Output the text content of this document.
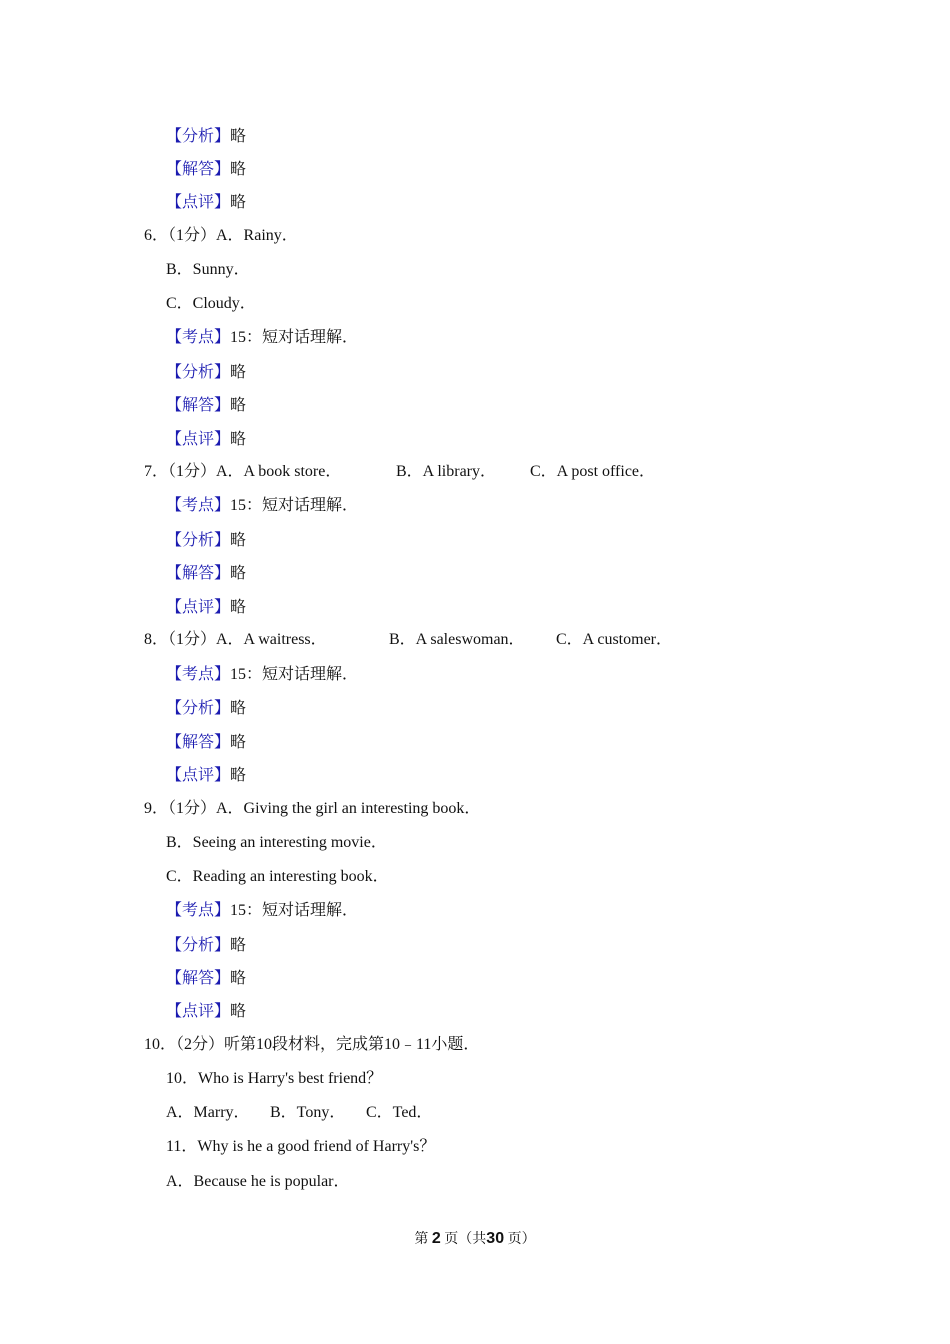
【分析】略
【解答】略
【点评】略
6．（1分）A．Rainy．
B．Sunny．
C．Cloudy．
【考点】15：短对话理解．
【分析】略
【解答】略
【点评】略
7．（1分）A．A book store．	B．A library． C．A post office．
【考点】15：短对话理解．
【分析】略
【解答】略
【点评】略
8．（1分）A．A waitress．	B．A saleswoman． C．A customer．
【考点】15：短对话理解．
【分析】略
【解答】略
【点评】略
9．（1分）A．Giving the girl an interesting book．
B．Seeing an interesting movie．
C．Reading an interesting book．
【考点】15：短对话理解．
【分析】略
【解答】略
【点评】略
10．（2分）听第10段材料，完成第10﹣11小题．
10．Who is Harry's best friend？
A．Marry． B．Tony． C．Ted．
11．Why is he a good friend of Harry's？
A．Because he is popular．
第 2 页（共30 页）
